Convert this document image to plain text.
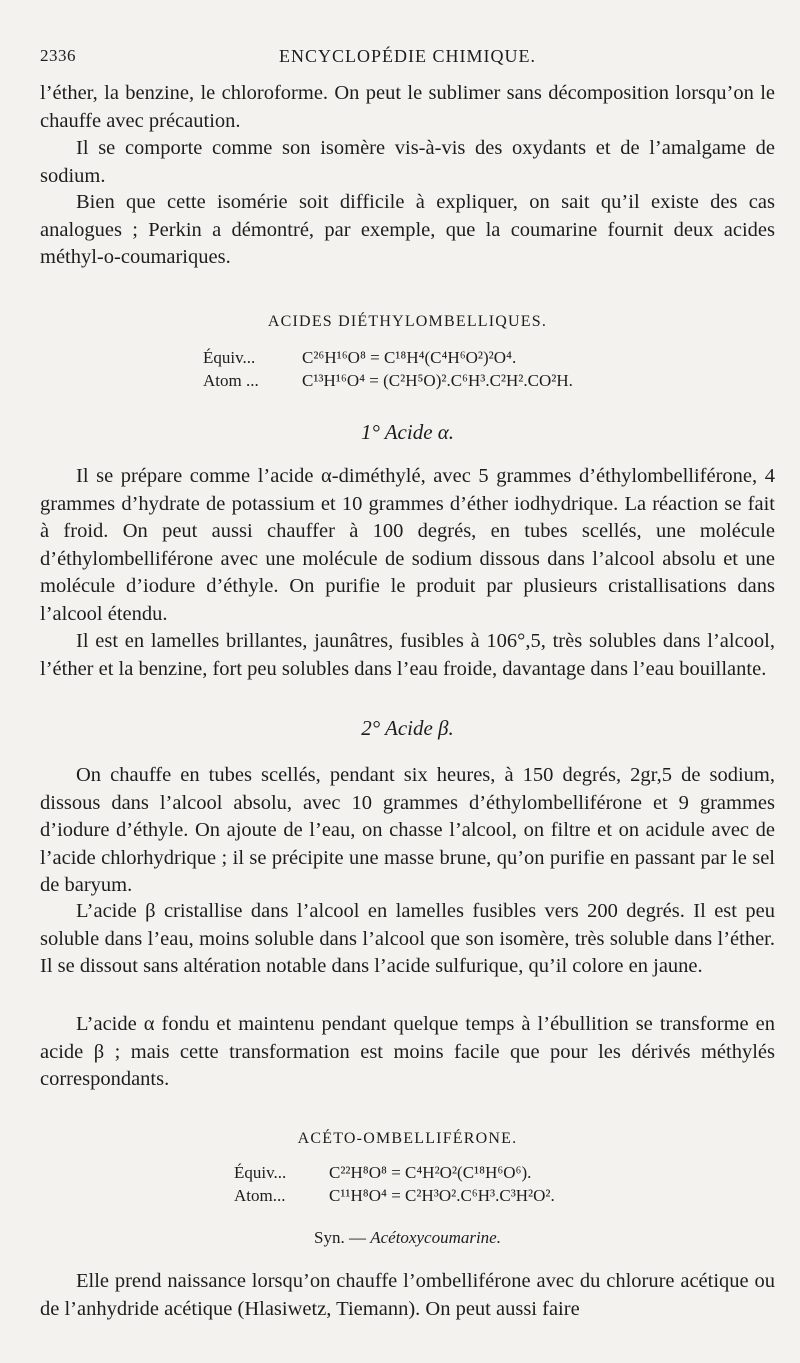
2336	ENCYCLOPÉDIE CHIMIQUE.
l’éther, la benzine, le chloroforme. On peut le sublimer sans décomposition lorsqu’on le chauffe avec précaution.
Il se comporte comme son isomère vis-à-vis des oxydants et de l’amalgame de sodium.
Bien que cette isomérie soit difficile à expliquer, on sait qu’il existe des cas analogues ; Perkin a démontré, par exemple, que la coumarine fournit deux acides méthyl-o-coumariques.
ACIDES DIÉTHYLOMBELLIQUES.
Équiv...	C²⁶H¹⁶O⁸ = C¹⁸H⁴(C⁴H⁶O²)²O⁴.
Atom ...	C¹³H¹⁶O⁴ = (C²H⁵O)².C⁶H³.C²H².CO²H.
1° Acide α.
Il se prépare comme l’acide α-diméthylé, avec 5 grammes d’éthylombelliférone, 4 grammes d’hydrate de potassium et 10 grammes d’éther iodhydrique. La réaction se fait à froid. On peut aussi chauffer à 100 degrés, en tubes scellés, une molécule d’éthylombelliférone avec une molécule de sodium dissous dans l’alcool absolu et une molécule d’iodure d’éthyle. On purifie le produit par plusieurs cristallisations dans l’alcool étendu.
Il est en lamelles brillantes, jaunâtres, fusibles à 106°,5, très solubles dans l’alcool, l’éther et la benzine, fort peu solubles dans l’eau froide, davantage dans l’eau bouillante.
2° Acide β.
On chauffe en tubes scellés, pendant six heures, à 150 degrés, 2gr,5 de sodium, dissous dans l’alcool absolu, avec 10 grammes d’éthylombelliférone et 9 grammes d’iodure d’éthyle. On ajoute de l’eau, on chasse l’alcool, on filtre et on acidule avec de l’acide chlorhydrique ; il se précipite une masse brune, qu’on purifie en passant par le sel de baryum.
L’acide β cristallise dans l’alcool en lamelles fusibles vers 200 degrés. Il est peu soluble dans l’eau, moins soluble dans l’alcool que son isomère, très soluble dans l’éther. Il se dissout sans altération notable dans l’acide sulfurique, qu’il colore en jaune.
L’acide α fondu et maintenu pendant quelque temps à l’ébullition se transforme en acide β ; mais cette transformation est moins facile que pour les dérivés méthylés correspondants.
ACÉTO-OMBELLIFÉRONE.
Équiv...	C²²H⁸O⁸ = C⁴H²O²(C¹⁸H⁶O⁶).
Atom...	C¹¹H⁸O⁴ = C²H³O².C⁶H³.C³H²O².
Syn. — Acétoxycoumarine.
Elle prend naissance lorsqu’on chauffe l’ombelliférone avec du chlorure acétique ou de l’anhydride acétique (Hlasiwetz, Tiemann). On peut aussi faire
